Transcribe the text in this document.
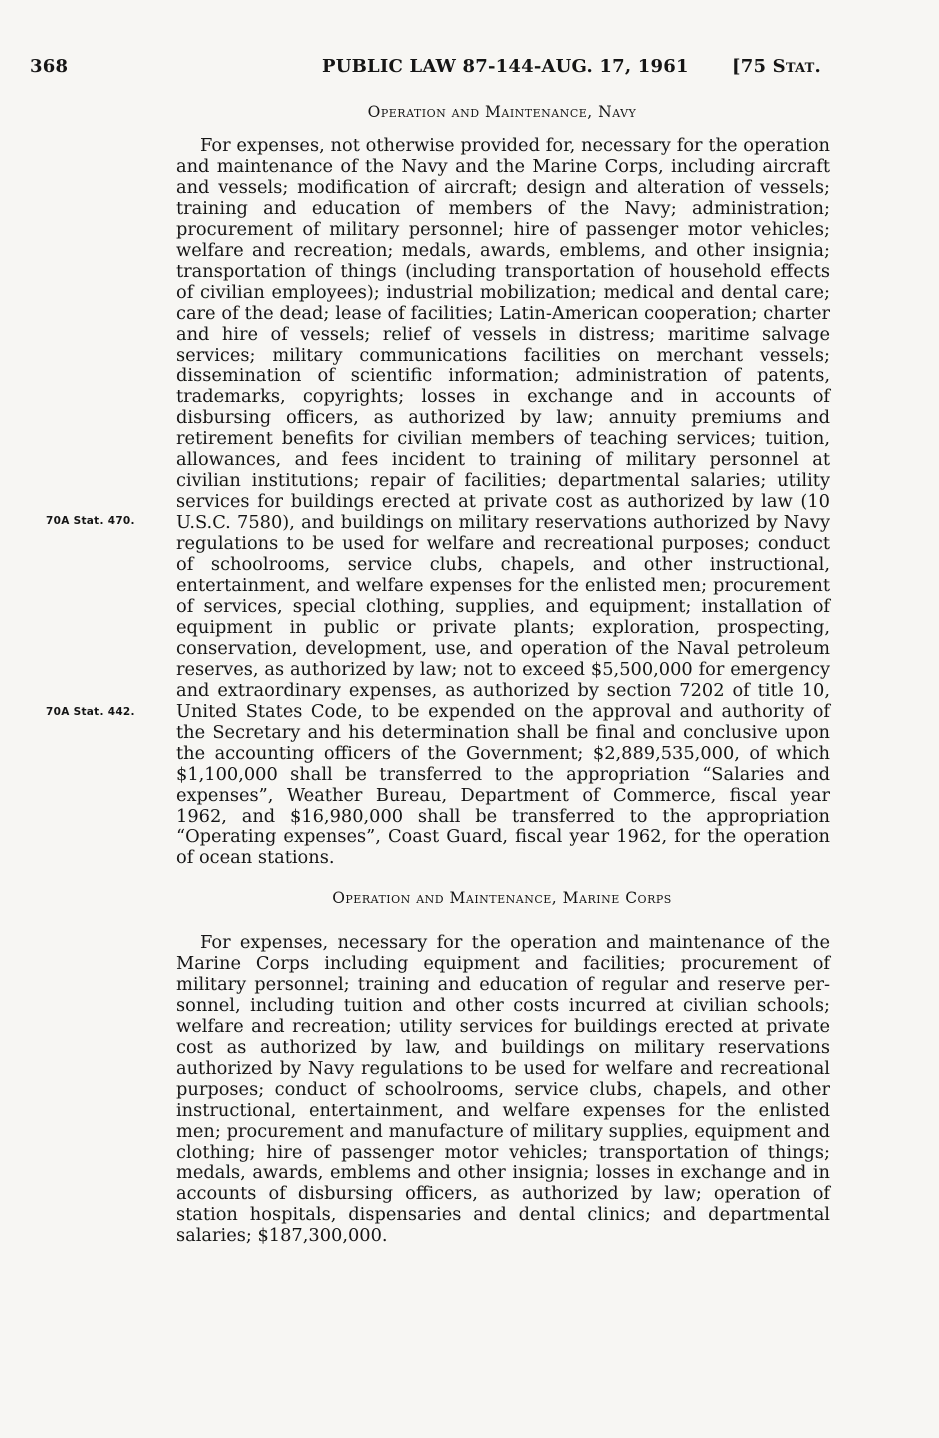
368	PUBLIC LAW 87-144-AUG. 17, 1961 [75 Stat.
Operation and Maintenance, Navy
For expenses, not otherwise provided for, necessary for the operation and maintenance of the Navy and the Marine Corps, including aircraft and vessels; modification of aircraft; design and alteration of vessels; training and education of members of the Navy; administration; procurement of military personnel; hire of passenger motor vehicles; welfare and recreation; medals, awards, emblems, and other insignia; transportation of things (including transportation of household effects of civilian employees); industrial mobilization; medical and dental care; care of the dead; lease of facilities; Latin-American cooperation; charter and hire of vessels; relief of vessels in distress; maritime salvage services; military communications facilities on merchant vessels; dissemination of scientific information; administration of patents, trademarks, copyrights; losses in exchange and in accounts of disbursing officers, as authorized by law; annuity premiums and retirement benefits for civilian members of teaching services; tuition, allowances, and fees incident to training of military personnel at civilian institutions; repair of facilities; departmental salaries; utility services for buildings erected at private cost as authorized by law (10 U.S.C. 7580), and buildings on military reservations authorized by Navy regulations to be used for welfare and recreational purposes; conduct of schoolrooms, service clubs, chapels, and other instructional, entertainment, and welfare expenses for the enlisted men; procurement of services, special clothing, supplies, and equipment; installation of equipment in public or private plants; exploration, prospecting, conservation, development, use, and operation of the Naval petroleum reserves, as authorized by law; not to exceed $5,500,000 for emergency and extraordinary expenses, as authorized by section 7202 of title 10, United States Code, to be expended on the approval and authority of the Secretary and his determination shall be final and conclusive upon the accounting officers of the Government; $2,889,535,000, of which $1,100,000 shall be transferred to the appropriation “Salaries and expenses”, Weather Bureau, Department of Commerce, fiscal year 1962, and $16,980,000 shall be transferred to the appropriation “Operating expenses”, Coast Guard, fiscal year 1962, for the operation of ocean stations.
70A Stat. 470.
70A Stat. 442.
Operation and Maintenance, Marine Corps
For expenses, necessary for the operation and maintenance of the Marine Corps including equipment and facilities; procurement of military personnel; training and education of regular and reserve personnel, including tuition and other costs incurred at civilian schools; welfare and recreation; utility services for buildings erected at private cost as authorized by law, and buildings on military reservations authorized by Navy regulations to be used for welfare and recreational purposes; conduct of schoolrooms, service clubs, chapels, and other instructional, entertainment, and welfare expenses for the enlisted men; procurement and manufacture of military supplies, equipment and clothing; hire of passenger motor vehicles; transportation of things; medals, awards, emblems and other insignia; losses in exchange and in accounts of disbursing officers, as authorized by law; operation of station hospitals, dispensaries and dental clinics; and departmental salaries; $187,300,000.
